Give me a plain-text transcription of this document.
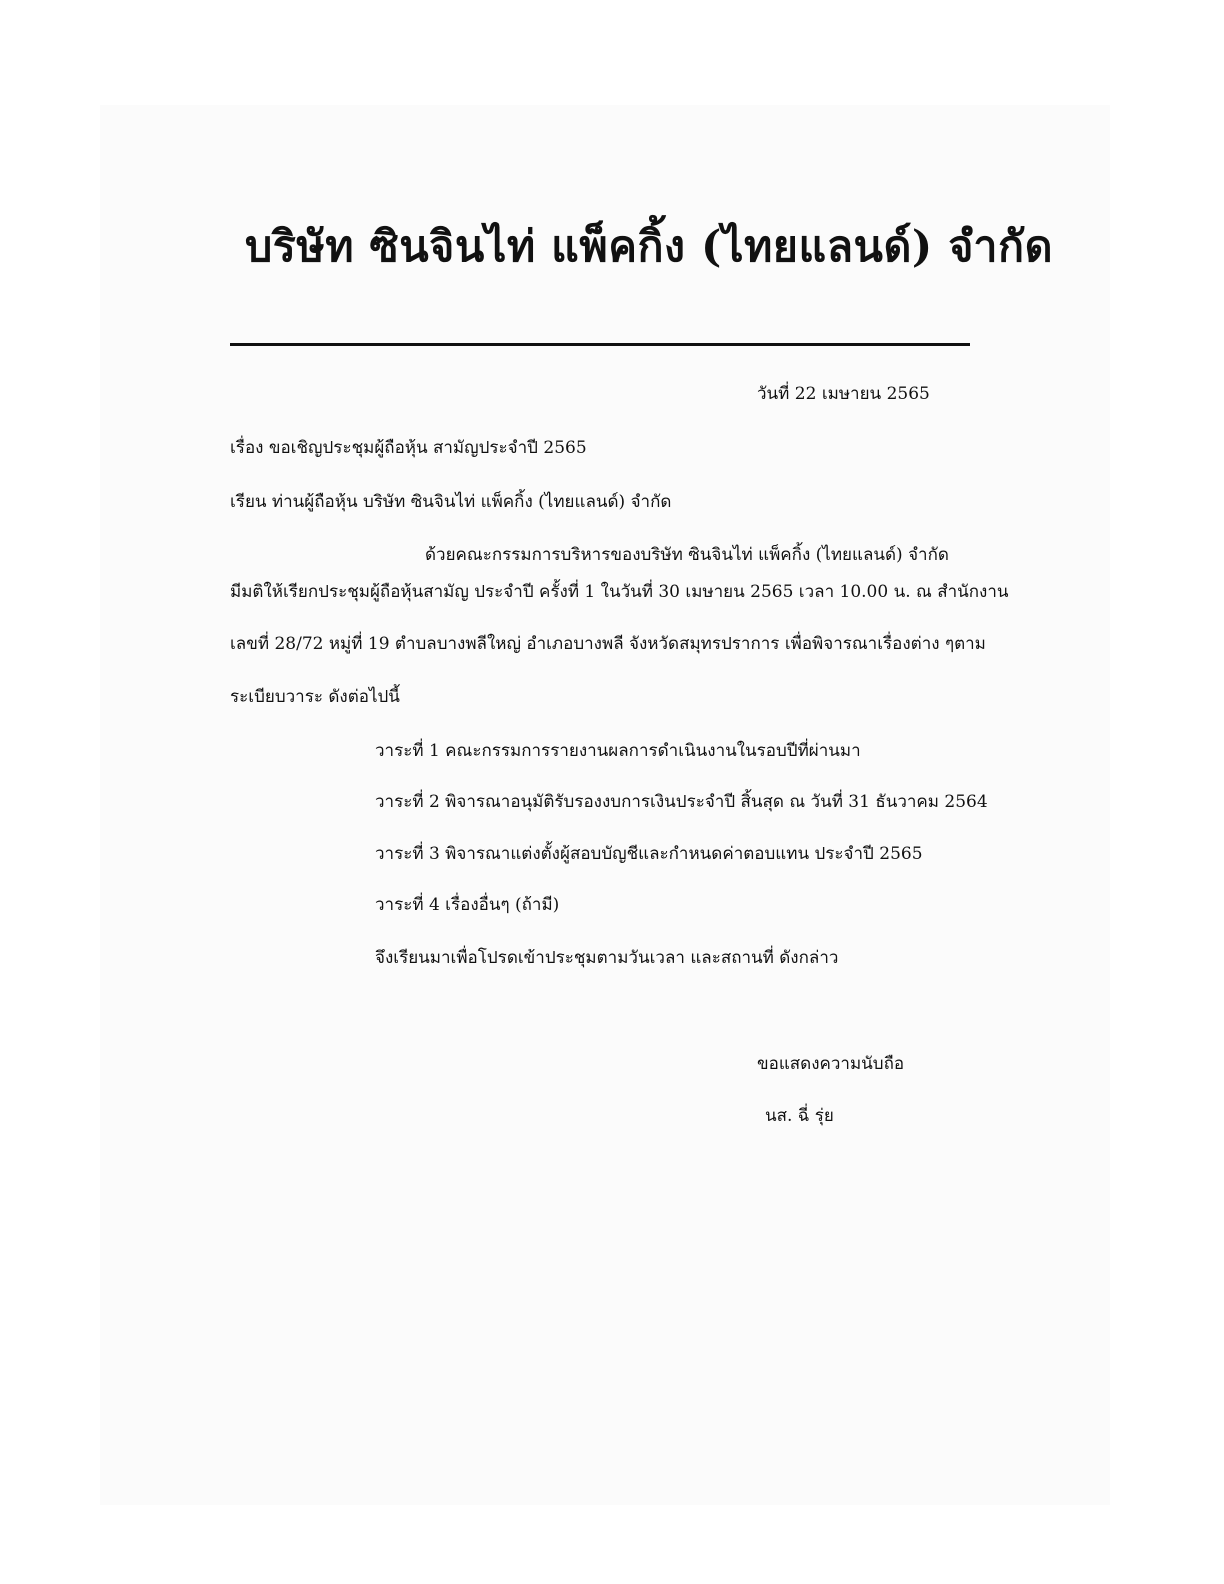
บริษัท ซินจินไท่ แพ็คกิ้ง (ไทยแลนด์) จำกัด
วันที่ 22 เมษายน 2565
เรื่อง ขอเชิญประชุมผู้ถือหุ้น สามัญประจำปี 2565
เรียน ท่านผู้ถือหุ้น บริษัท ซินจินไท่ แพ็คกิ้ง (ไทยแลนด์) จำกัด
ด้วยคณะกรรมการบริหารของบริษัท ซินจินไท่ แพ็คกิ้ง (ไทยแลนด์) จำกัด
มีมติให้เรียกประชุมผู้ถือหุ้นสามัญ ประจำปี ครั้งที่ 1 ในวันที่ 30 เมษายน 2565 เวลา 10.00 น. ณ สำนักงาน
เลขที่ 28/72 หมู่ที่ 19 ตำบลบางพลีใหญ่ อำเภอบางพลี จังหวัดสมุทรปราการ เพื่อพิจารณาเรื่องต่าง ๆตาม
ระเบียบวาระ ดังต่อไปนี้
วาระที่ 1 คณะกรรมการรายงานผลการดำเนินงานในรอบปีที่ผ่านมา
วาระที่ 2 พิจารณาอนุมัติรับรองงบการเงินประจำปี สิ้นสุด ณ วันที่ 31 ธันวาคม 2564
วาระที่ 3 พิจารณาแต่งตั้งผู้สอบบัญชีและกำหนดค่าตอบแทน ประจำปี 2565
วาระที่ 4 เรื่องอื่นๆ (ถ้ามี)
จึงเรียนมาเพื่อโปรดเข้าประชุมตามวันเวลา และสถานที่ ดังกล่าว
ขอแสดงความนับถือ
นส. ฉี่ รุ่ย
